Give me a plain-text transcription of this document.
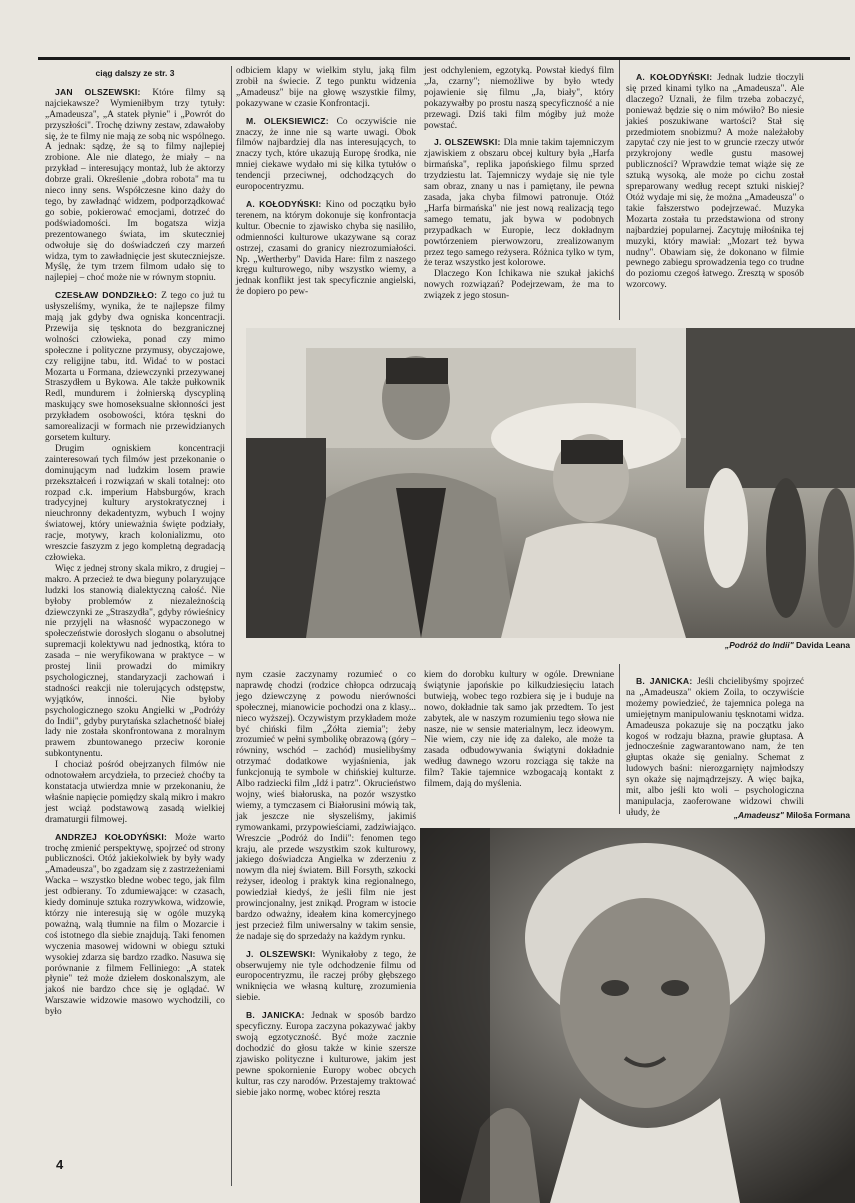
ciąg dalszy ze str. 3

JAN OLSZEWSKI: Które filmy są najciekawsze? Wymieniłbym trzy tytuły: „Amadeusza", „A statek płynie" i „Powrót do przyszłości". Trochę dziwny zestaw, zdawałoby się, że te filmy nie mają ze sobą nic wspólnego. A jednak: sądzę, że są to filmy najlepiej zrobione. Ale nie dlatego, że miały – na przykład – interesujący montaż, lub że aktorzy dobrze grali. Określenie „dobra robota" ma tu nieco inny sens. Współczesne kino daży do tego, by zawładnąć widzem, podporządkować go sobie, pokierować emocjami, dotrzeć do podświadomości. Im bogatsza wizja prezentowanego świata, im skuteczniej odwołuje się do doświadczeń czy marzeń widza, tym to zawładnięcie jest skuteczniejsze. Myślę, że tym trzem filmom udało się to najlepiej – choć może nie w równym stopniu.

CZESŁAW DONDZIŁŁO: Z tego co już tu usłyszeliśmy, wynika, że te najlepsze filmy mają jak gdyby dwa ogniska koncentracji. Przewija się tęsknota do bezgranicznej wolności człowieka, ponad czy mimo społeczne i polityczne przymusy, obyczajowe, czy religijne tabu, itd. Widać to w postaci Mozarta u Formana, dziewczynki przezywanej Straszydłem u Bykowa. Ale także pułkownik Redl, mundurem i żołnierską dyscypliną maskujący swe homoseksualne skłonności jest przykładem osobowości, która tęskni do samorealizacji w formach nie przewidzianych gorsetem kultury.

Drugim ogniskiem koncentracji zainteresowań tych filmów jest przekonanie o dominującym nad ludzkim losem prawie przekształceń i rozwiązań w skali totalnej: oto rozpad c.k. imperium Habsburgów, krach tradycyjnej kultury arystokratycznej i nieuchronny dekadentyzm, wybuch I wojny światowej, który unieważnia święte podziały, racje, motywy, krach kolonializmu, oto wreszcie faszyzm z jego kompletną degradacją człowieka.

Więc z jednej strony skala mikro, z drugiej – makro. A przecież te dwa bieguny polaryzujące ludzki los stanowią dialektyczną całość. Nie byłoby problemów z niezależnością dziewczynki ze „Straszydła", gdyby rówieśnicy nie przyjęli na własność wypaczonego w społeczeństwie dorosłych sloganu o absolutnej supremacji kolektywu nad jednostką, która to zasada – nie weryfikowana w praktyce – w prostej linii prowadzi do mimikry psychologicznej, standaryzacji zachowań i stadności reakcji nie tolerujących odstępstw, wyjątków, inności. Nie byłoby psychologicznego szoku Angielki w „Podróży do Indii", gdyby purytańska szlachetność białej lady nie została skonfrontowana z moralnym prawem zbuntowanego przeciw koronie subkontynentu.

I chociaż pośród obejrzanych filmów nie odnotowałem arcydzieła, to przecież choćby ta konstatacja utwierdza mnie w przekonaniu, że właśnie napięcie pomiędzy skalą mikro i makro jest wciąż podstawową zasadą wielkiej dramaturgii filmowej.

ANDRZEJ KOŁODYŃSKI: Może warto trochę zmienić perspektywę, spojrzeć od strony publiczności. Otóż jakiekolwiek by były wady „Amadeusza", bo zgadzam się z zastrzeżeniami Wacka – wszystko bledne wobec tego, jak film jest odbierany. To zdumiewające: w czasach, kiedy dominuje sztuka rozrywkowa, widzowie, którzy nie interesują się w ogóle muzyką poważną, walą tłumnie na film o Mozarcie i coś istotnego dla siebie znajdują. Taki fenomen wyczenia masowej widowni w obiegu sztuki wysokiej zdarza się bardzo rzadko. Nasuwa się porównanie z filmem Felliniego: „A statek płynie" też może dziełem doskonalszym, ale jakoś nie bardzo chce się je oglądać. W Warszawie widzowie masowo wychodzili, co było

odbiciem klapy w wielkim stylu, jaką film zrobił na świecie. Z tego punktu widzenia „Amadeusz" bije na głowę wszystkie filmy, pokazywane w czasie Konfrontacji.

M. OLEKSIEWICZ: Co oczywiście nie znaczy, że inne nie są warte uwagi. Obok filmów najbardziej dla nas interesujących, to znaczy tych, które ukazują Europę środka, nie mniej ciekawe wydało mi się kilka tytułów o tendencji przeciwnej, odchodzących do europocentryzmu.

A. KOŁODYŃSKI: Kino od początku było terenem, na którym dokonuje się konfrontacja kultur. Obecnie to zjawisko chyba się nasiliło, odmienności kulturowe ukazywane są coraz ostrzej, czasami do granicy niezrozumiałości. Np. „Wertherby" Davida Hare: film z naszego kręgu kulturowego, niby wszystko wiemy, a jednak konflikt jest tak specyficznie angielski, że dopiero po pew-

jest odchyleniem, egzotyką. Powstał kiedyś film „Ja, czarny"; niemożliwe by było wtedy pojawienie się filmu „Ja, biały", który pokazywałby po prostu naszą specyficzność a nie przewagi. Dziś taki film mógłby już może powstać.

J. OLSZEWSKI: Dla mnie takim tajemniczym zjawiskiem z obszaru obcej kultury była „Harfa birmańska", replika japońskiego filmu sprzed trzydziestu lat. Tajemniczy wydaje się nie tyle sam obraz, znany u nas i pamiętany, ile pewna zasada, jaka chyba filmowi patronuje. Otóż „Harfa birmańska" nie jest nową realizacją tego samego tematu, jak bywa w podobnych przypadkach w Europie, lecz dokładnym powtórzeniem pierwowzoru, zrealizowanym przez tego samego reżysera. Różnica tylko w tym, że teraz wszystko jest kolorowe.

Dlaczego Kon Ichikawa nie szukał jakichś nowych rozwiązań? Podejrzewam, że ma to związek z jego stosun-

A. KOŁODYŃSKI: Jednak ludzie tłoczyli się przed kinami tylko na „Amadeusza". Ale dlaczego? Uznali, że film trzeba zobaczyć, ponieważ będzie się o nim mówiło? Bo niesie jakieś poszukiwane wartości? Stał się przedmiotem snobizmu? A może należałoby zapytać czy nie jest to w gruncie rzeczy utwór przykrojony wedle gustu masowej publiczności? Wprawdzie temat wiąże się ze sztuką wysoką, ale może po cichu został spreparowany według recept sztuki niskiej? Otóż wydaje mi się, że można „Amadeusza" o takie fałszerstwo podejrzewać. Muzyka Mozarta została tu przedstawiona od strony najbardziej popularnej. Zacytuję miłośnika tej muzyki, który mawiał: „Mozart też bywa nudny". Obawiam się, że dokonano w filmie pewnego zabiegu sprowadzenia tego co trudne do poziomu czegoś łatwego. Zresztą w sposób wzorcowy.

„Podróż do Indii" Davida Leana

nym czasie zaczynamy rozumieć o co naprawdę chodzi (rodzice chłopca odrzucają jego dziewczynę z powodu nierówności społecznej, mianowicie pochodzi ona z klasy... nieco wyższej). Oczywistym przykładem może być chiński film „Żółta ziemia"; żeby zrozumieć w pełni symbolikę obrazową (góry – równiny, wschód – zachód) musielibyśmy otrzymać dodatkowe wyjaśnienia, jak funkcjonują te symbole w chińskiej kulturze. Albo radziecki film „Idź i patrz". Okrucieństwo wojny, wieś białoruska, na pozór wszystko wiemy, a tymczasem ci Białorusini mówią tak, jak jeszcze nie słyszeliśmy, jakimiś rymowankami, przypowieściami, zadziwiająco. Wreszcie „Podróż do Indii": fenomen tego kraju, ale przede wszystkim szok kulturowy, jakiego doświadcza Angielka w zderzeniu z nowym dla niej światem. Bill Forsyth, szkocki reżyser, ideolog i praktyk kina regionalnego, powiedział kiedyś, że jeśli film nie jest prowincjonalny, jest znikąd. Program w istocie bardzo odważny, ideałem kina komercyjnego jest przecież film uniwersalny w takim sensie, że nadaje się do sprzedaży na każdym rynku.

J. OLSZEWSKI: Wynikałoby z tego, że obserwujemy nie tyle odchodzenie filmu od europocentryzmu, ile raczej próby głębszego wniknięcia we własną kulturę, zrozumienia siebie.

B. JANICKA: Jednak w sposób bardzo specyficzny. Europa zaczyna pokazywać jakby swoją egzotyczność. Być może zacznie dochodzić do głosu także w kinie szersze zjawisko polityczne i kulturowe, jakim jest pewne spokornienie Europy wobec obcych kultur, ras czy narodów. Przestajemy traktować siebie jako normę, wobec której reszta

kiem do dorobku kultury w ogóle. Drewniane świątynie japońskie po kilkudziesięciu latach butwieją, wobec tego rozbiera się je i buduje na nowo, dokładnie tak samo jak przedtem. To jest zabytek, ale w naszym rozumieniu tego słowa nie nasze, nie w sensie materialnym, lecz ideowym. Nie wiem, czy nie idę za daleko, ale może ta zasada odbudowywania świątyni dokładnie według dawnego wzoru rozciąga się także na film? Takie tajemnice wzbogacają kontakt z filmem, dają do myślenia.

B. JANICKA: Jeśli chcielibyśmy spojrzeć na „Amadeusza" okiem Zoila, to oczywiście możemy powiedzieć, że tajemnica polega na umiejętnym manipulowaniu tęsknotami widza. Amadeusza pokazuje się na początku jako kogoś w rodzaju błazna, prawie głuptasa. A jednocześnie zagwarantowano nam, że ten głuptas okaże się genialny. Schemat z ludowych baśni: nierozgarnięty najmłodszy syn okaże się najmądrzejszy. A więc bajka, mit, albo jeśli kto woli – psychologiczna manipulacja, zaoferowane widzowi chwili ułudy, że	„Amadeusz" Miloša Formana
4
